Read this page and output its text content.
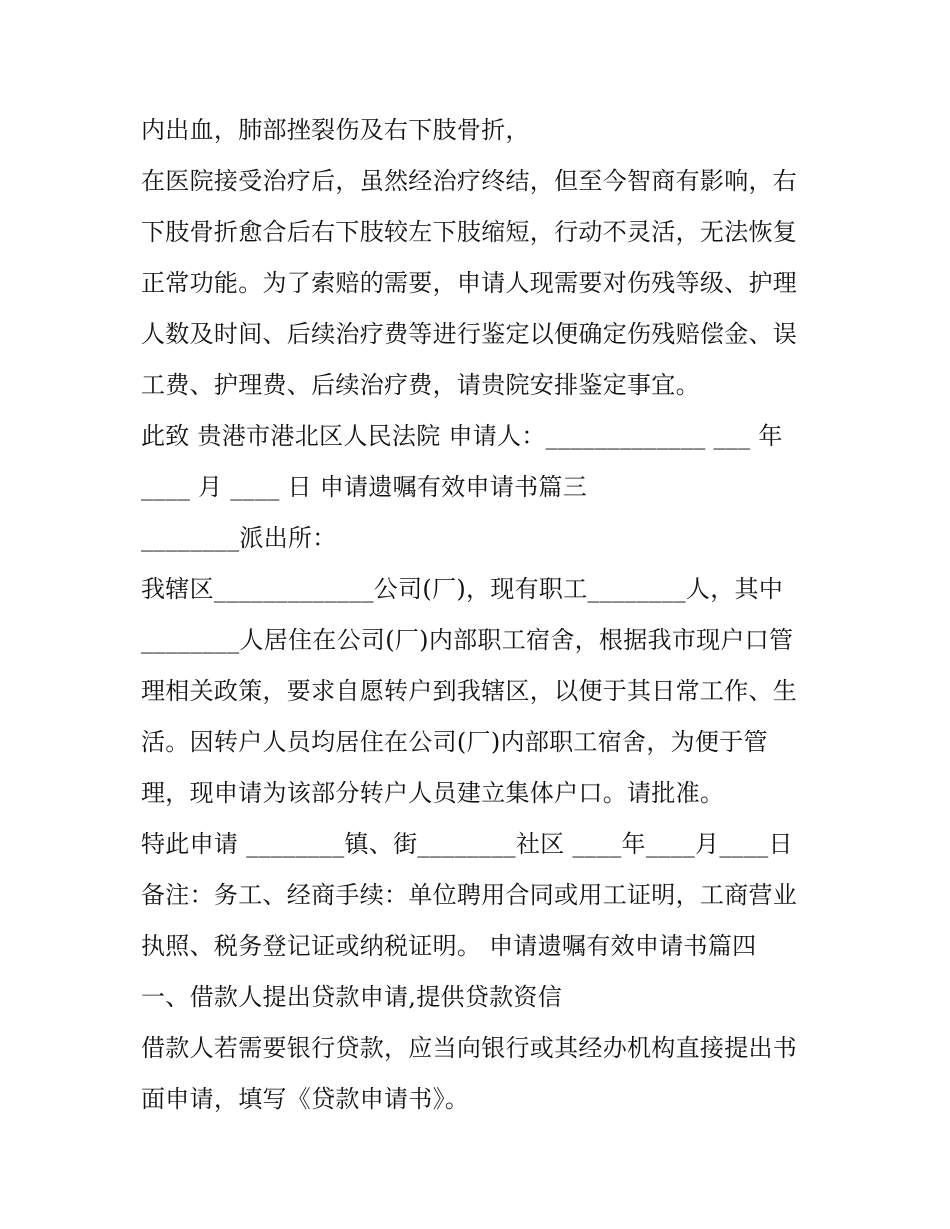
内出血，肺部挫裂伤及右下肢骨折，
在医院接受治疗后，虽然经治疗终结，但至今智商有影响，右
下肢骨折愈合后右下肢较左下肢缩短，行动不灵活，无法恢复
正常功能。为了索赔的需要，申请人现需要对伤残等级、护理
人数及时间、后续治疗费等进行鉴定以便确定伤残赔偿金、误
工费、护理费、后续治疗费，请贵院安排鉴定事宜。
此致 贵港市港北区人民法院 申请人：_____________ ___ 年
____ 月 ____ 日 申请遗嘱有效申请书篇三
________派出所：
我辖区_____________公司(厂)，现有职工________人，其中
________人居住在公司(厂)内部职工宿舍，根据我市现户口管
理相关政策，要求自愿转户到我辖区，以便于其日常工作、生
活。因转户人员均居住在公司(厂)内部职工宿舍，为便于管
理，现申请为该部分转户人员建立集体户口。请批准。
特此申请 ________镇、街________社区 ____年____月____日
备注：务工、经商手续：单位聘用合同或用工证明，工商营业
执照、税务登记证或纳税证明。 申请遗嘱有效申请书篇四
一、借款人提出贷款申请,提供贷款资信
借款人若需要银行贷款，应当向银行或其经办机构直接提出书
面申请，填写《贷款申请书》。
